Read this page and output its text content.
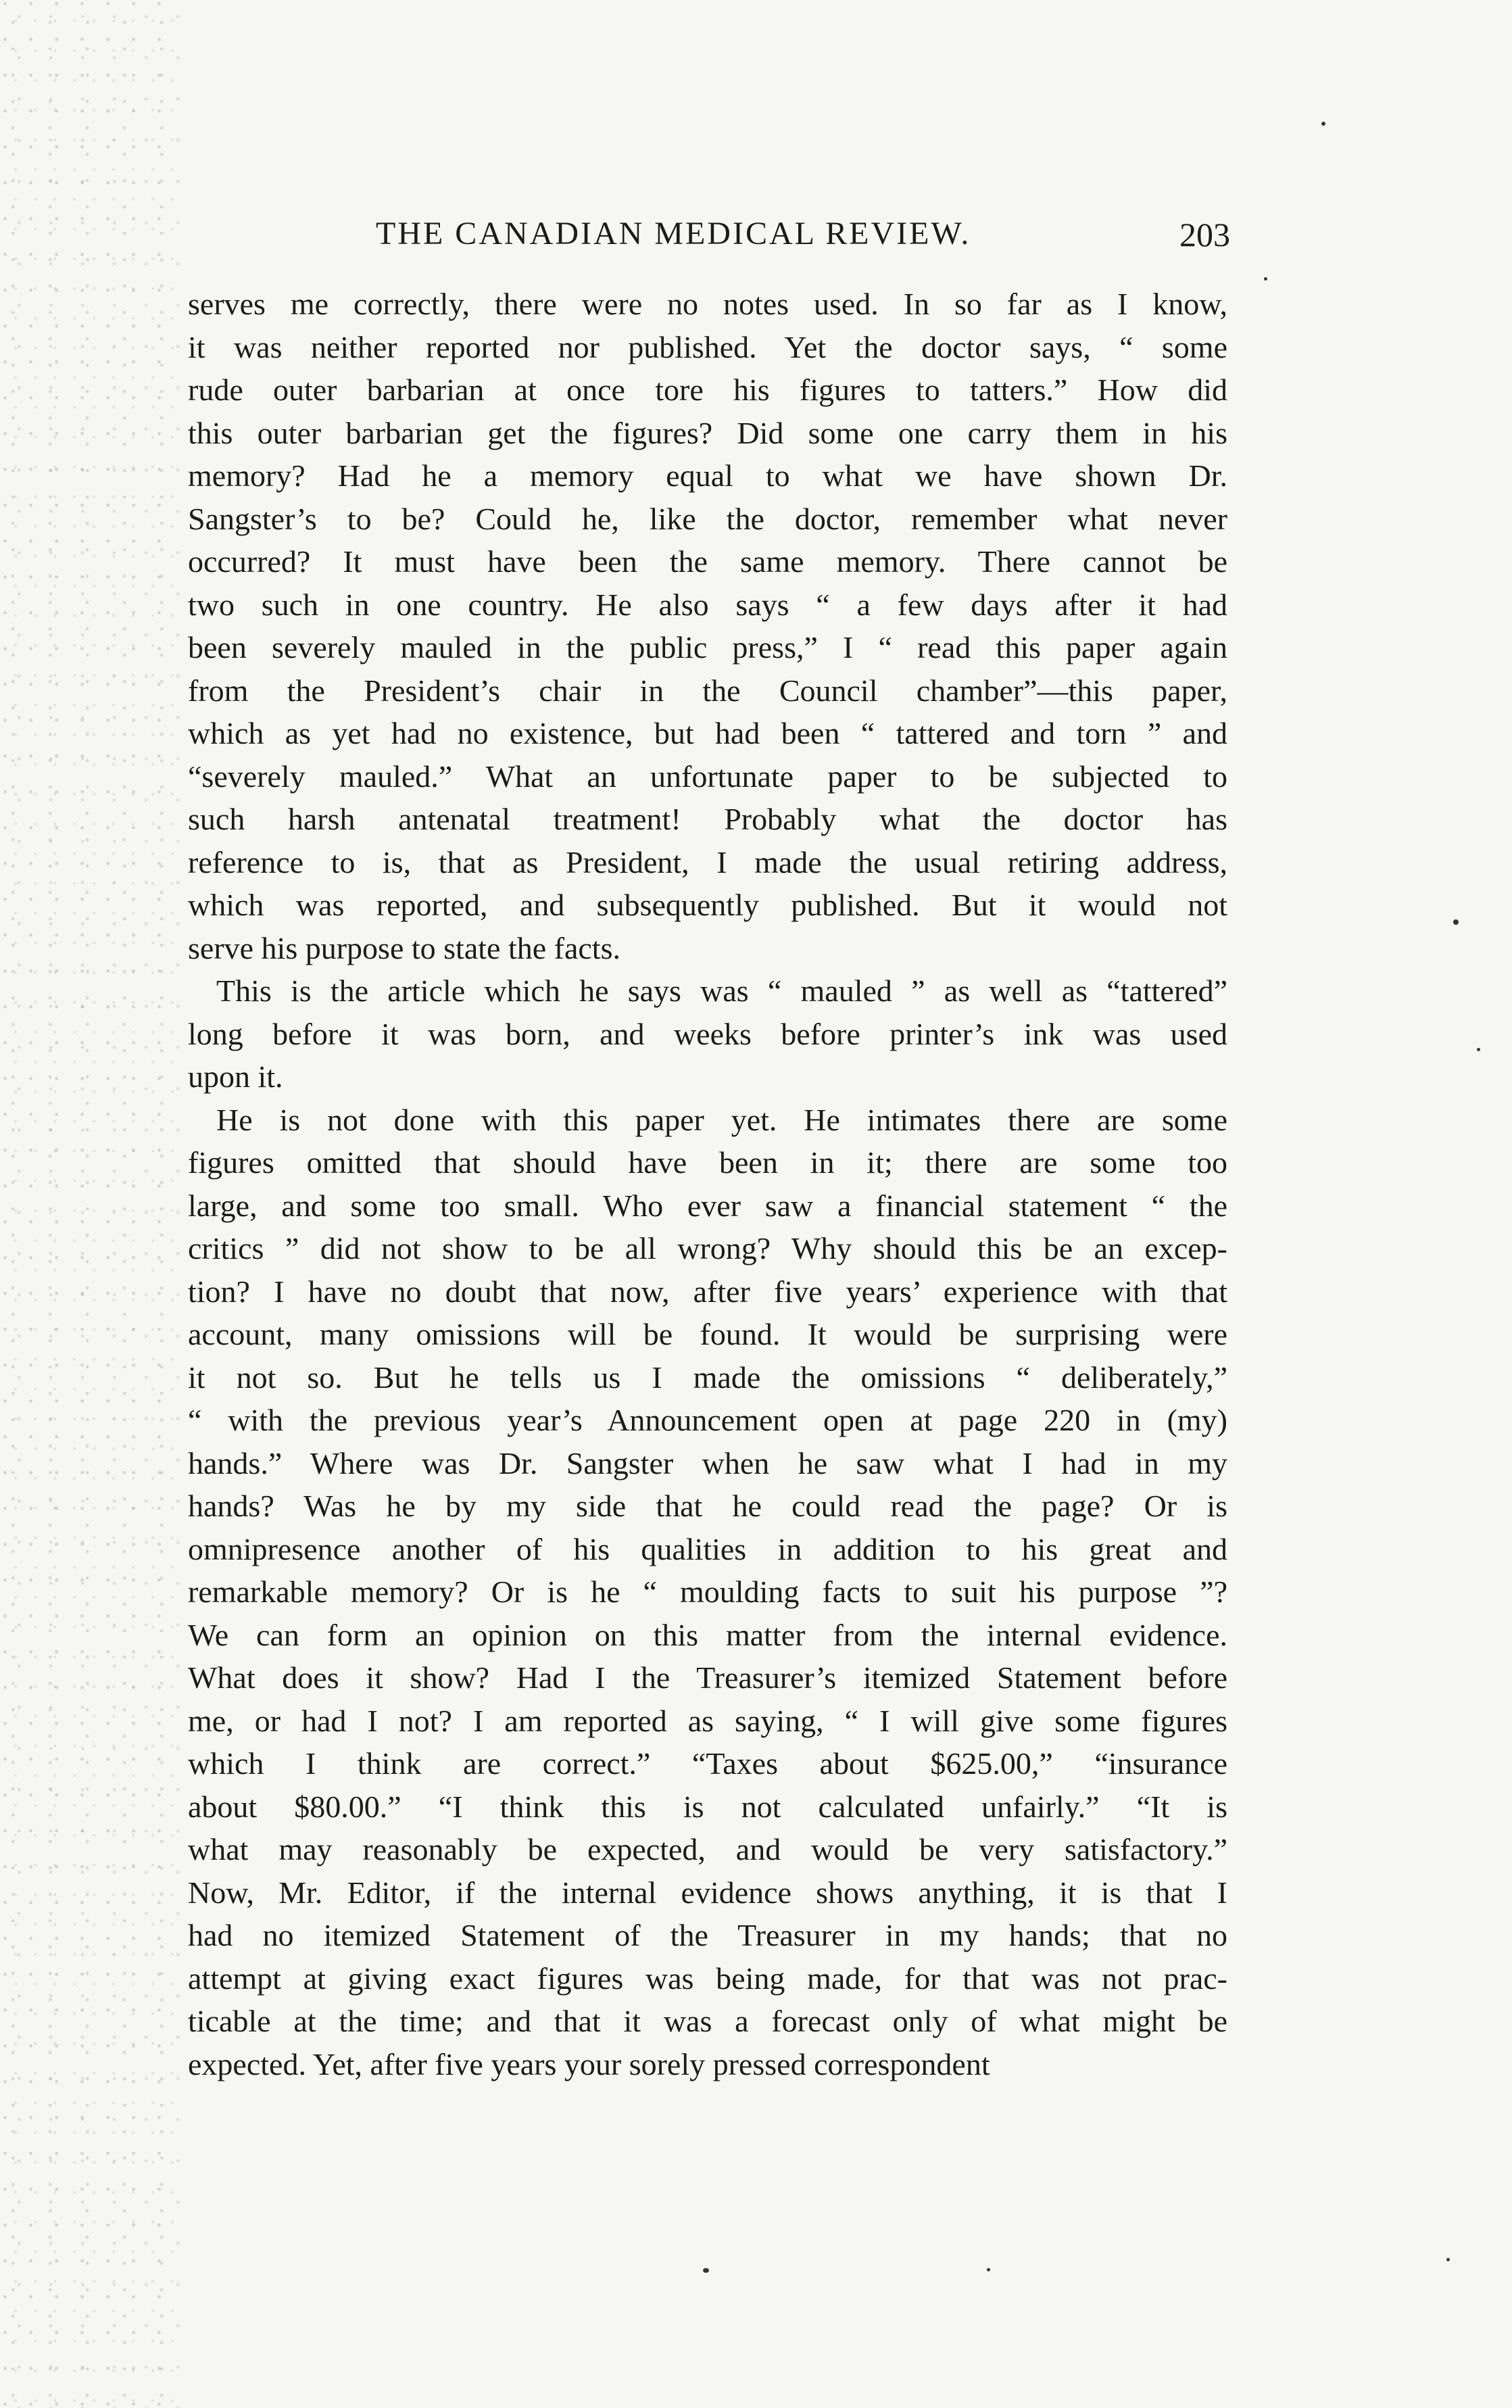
THE CANADIAN MEDICAL REVIEW.	203
serves me correctly, there were no notes used. In so far as I know,
it was neither reported nor published. Yet the doctor says, “ some
rude outer barbarian at once tore his figures to tatters.” How did
this outer barbarian get the figures? Did some one carry them in his
memory? Had he a memory equal to what we have shown Dr.
Sangster’s to be? Could he, like the doctor, remember what never
occurred? It must have been the same memory. There cannot be
two such in one country. He also says “ a few days after it had
been severely mauled in the public press,” I “ read this paper again
from the President’s chair in the Council chamber”—this paper,
which as yet had no existence, but had been “ tattered and torn ” and
“severely mauled.” What an unfortunate paper to be subjected to
such harsh antenatal treatment! Probably what the doctor has
reference to is, that as President, I made the usual retiring address,
which was reported, and subsequently published. But it would not
serve his purpose to state the facts.
This is the article which he says was “ mauled ” as well as “tattered”
long before it was born, and weeks before printer’s ink was used
upon it.
He is not done with this paper yet. He intimates there are some
figures omitted that should have been in it; there are some too
large, and some too small. Who ever saw a financial statement “ the
critics ” did not show to be all wrong? Why should this be an excep-
tion? I have no doubt that now, after five years’ experience with that
account, many omissions will be found. It would be surprising were
it not so. But he tells us I made the omissions “ deliberately,”
“ with the previous year’s Announcement open at page 220 in (my)
hands.” Where was Dr. Sangster when he saw what I had in my
hands? Was he by my side that he could read the page? Or is
omnipresence another of his qualities in addition to his great and
remarkable memory? Or is he “ moulding facts to suit his purpose ”?
We can form an opinion on this matter from the internal evidence.
What does it show? Had I the Treasurer’s itemized Statement before
me, or had I not? I am reported as saying, “ I will give some figures
which I think are correct.” “Taxes about $625.00,” “insurance
about $80.00.” “I think this is not calculated unfairly.” “It is
what may reasonably be expected, and would be very satisfactory.”
Now, Mr. Editor, if the internal evidence shows anything, it is that I
had no itemized Statement of the Treasurer in my hands; that no
attempt at giving exact figures was being made, for that was not prac-
ticable at the time; and that it was a forecast only of what might be
expected. Yet, after five years your sorely pressed correspondent
